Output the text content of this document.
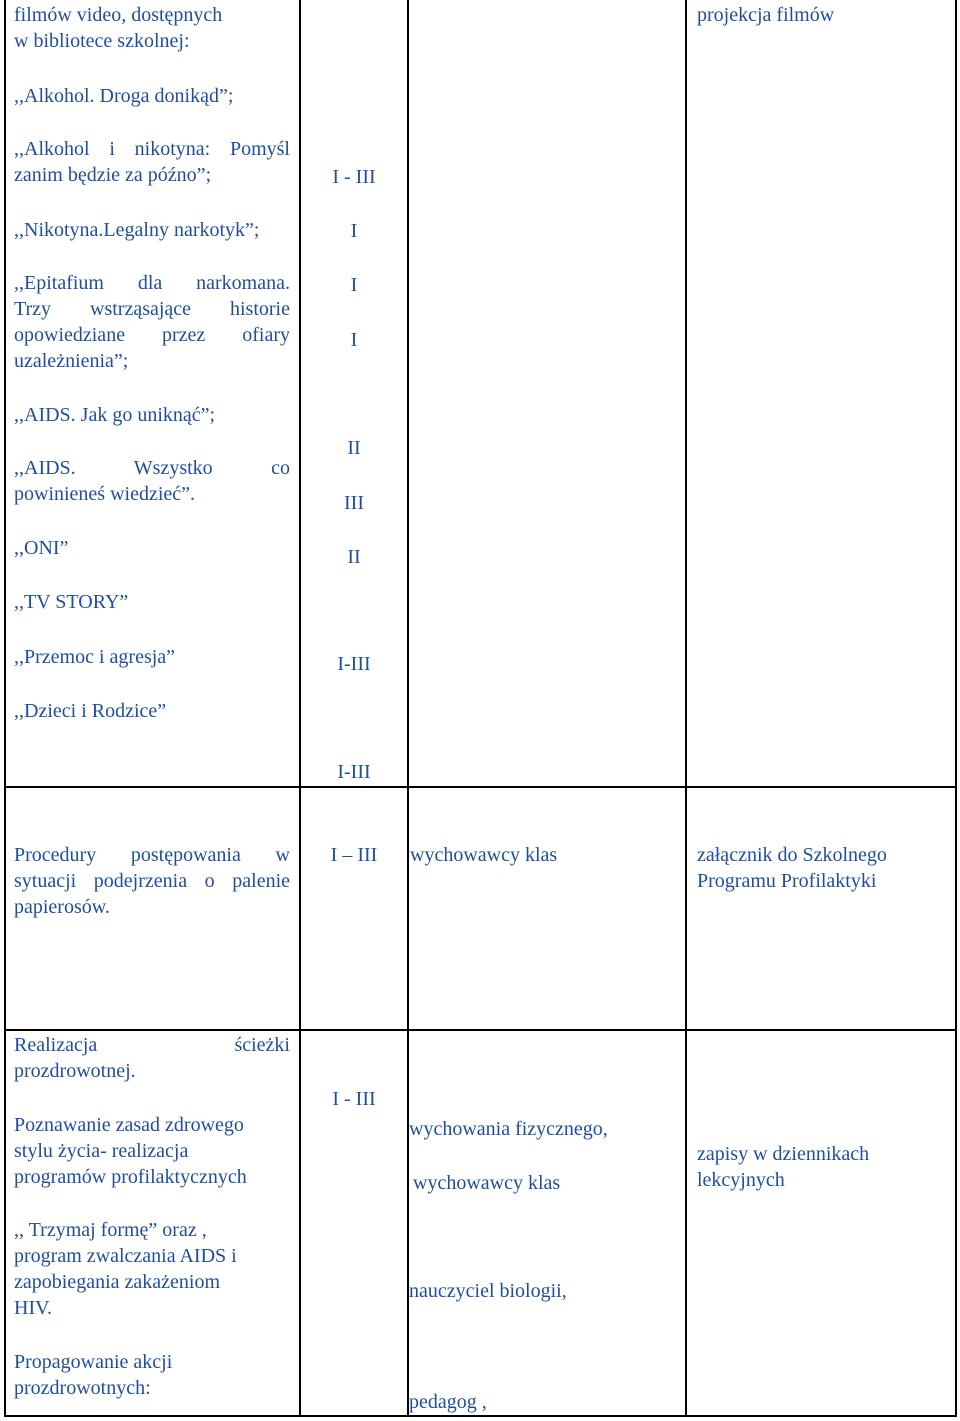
filmów video, dostępnych

w bibliotece szkolnej:

,,Alkohol. Droga donikąd”;

,,Alkohol i nikotyna: Pomyśl

zanim będzie za późno”;

,,Nikotyna.Legalny narkotyk”;

,,Epitafium dla narkomana.

Trzy wstrząsające historie

opowiedziane przez ofiary

uzależnienia”;

,,AIDS. Jak go uniknąć”;

,,AIDS. Wszystko co

powinieneś wiedzieć”.

,,ONI”

,,TV STORY”

,,Przemoc i agresja”

,,Dzieci i Rodzice”

I - III

I

I

I

II

III

II

I-III

I-III

projekcja filmów

Procedury postępowania w

sytuacji podejrzenia o palenie

papierosów.

I – III	wychowawcy klas	załącznik do Szkolnego

Programu Profilaktyki

Realizacja ścieżki

prozdrowotnej.

Poznawanie zasad zdrowego

stylu życia- realizacja

programów profilaktycznych

,, Trzymaj formę” oraz ,

program zwalczania AIDS i

zapobiegania zakażeniom

HIV.

Propagowanie akcji

prozdrowotnych:

I - III

wychowania fizycznego,

wychowawcy klas

nauczyciel biologii,

pedagog ,

zapisy w dziennikach

lekcyjnych
